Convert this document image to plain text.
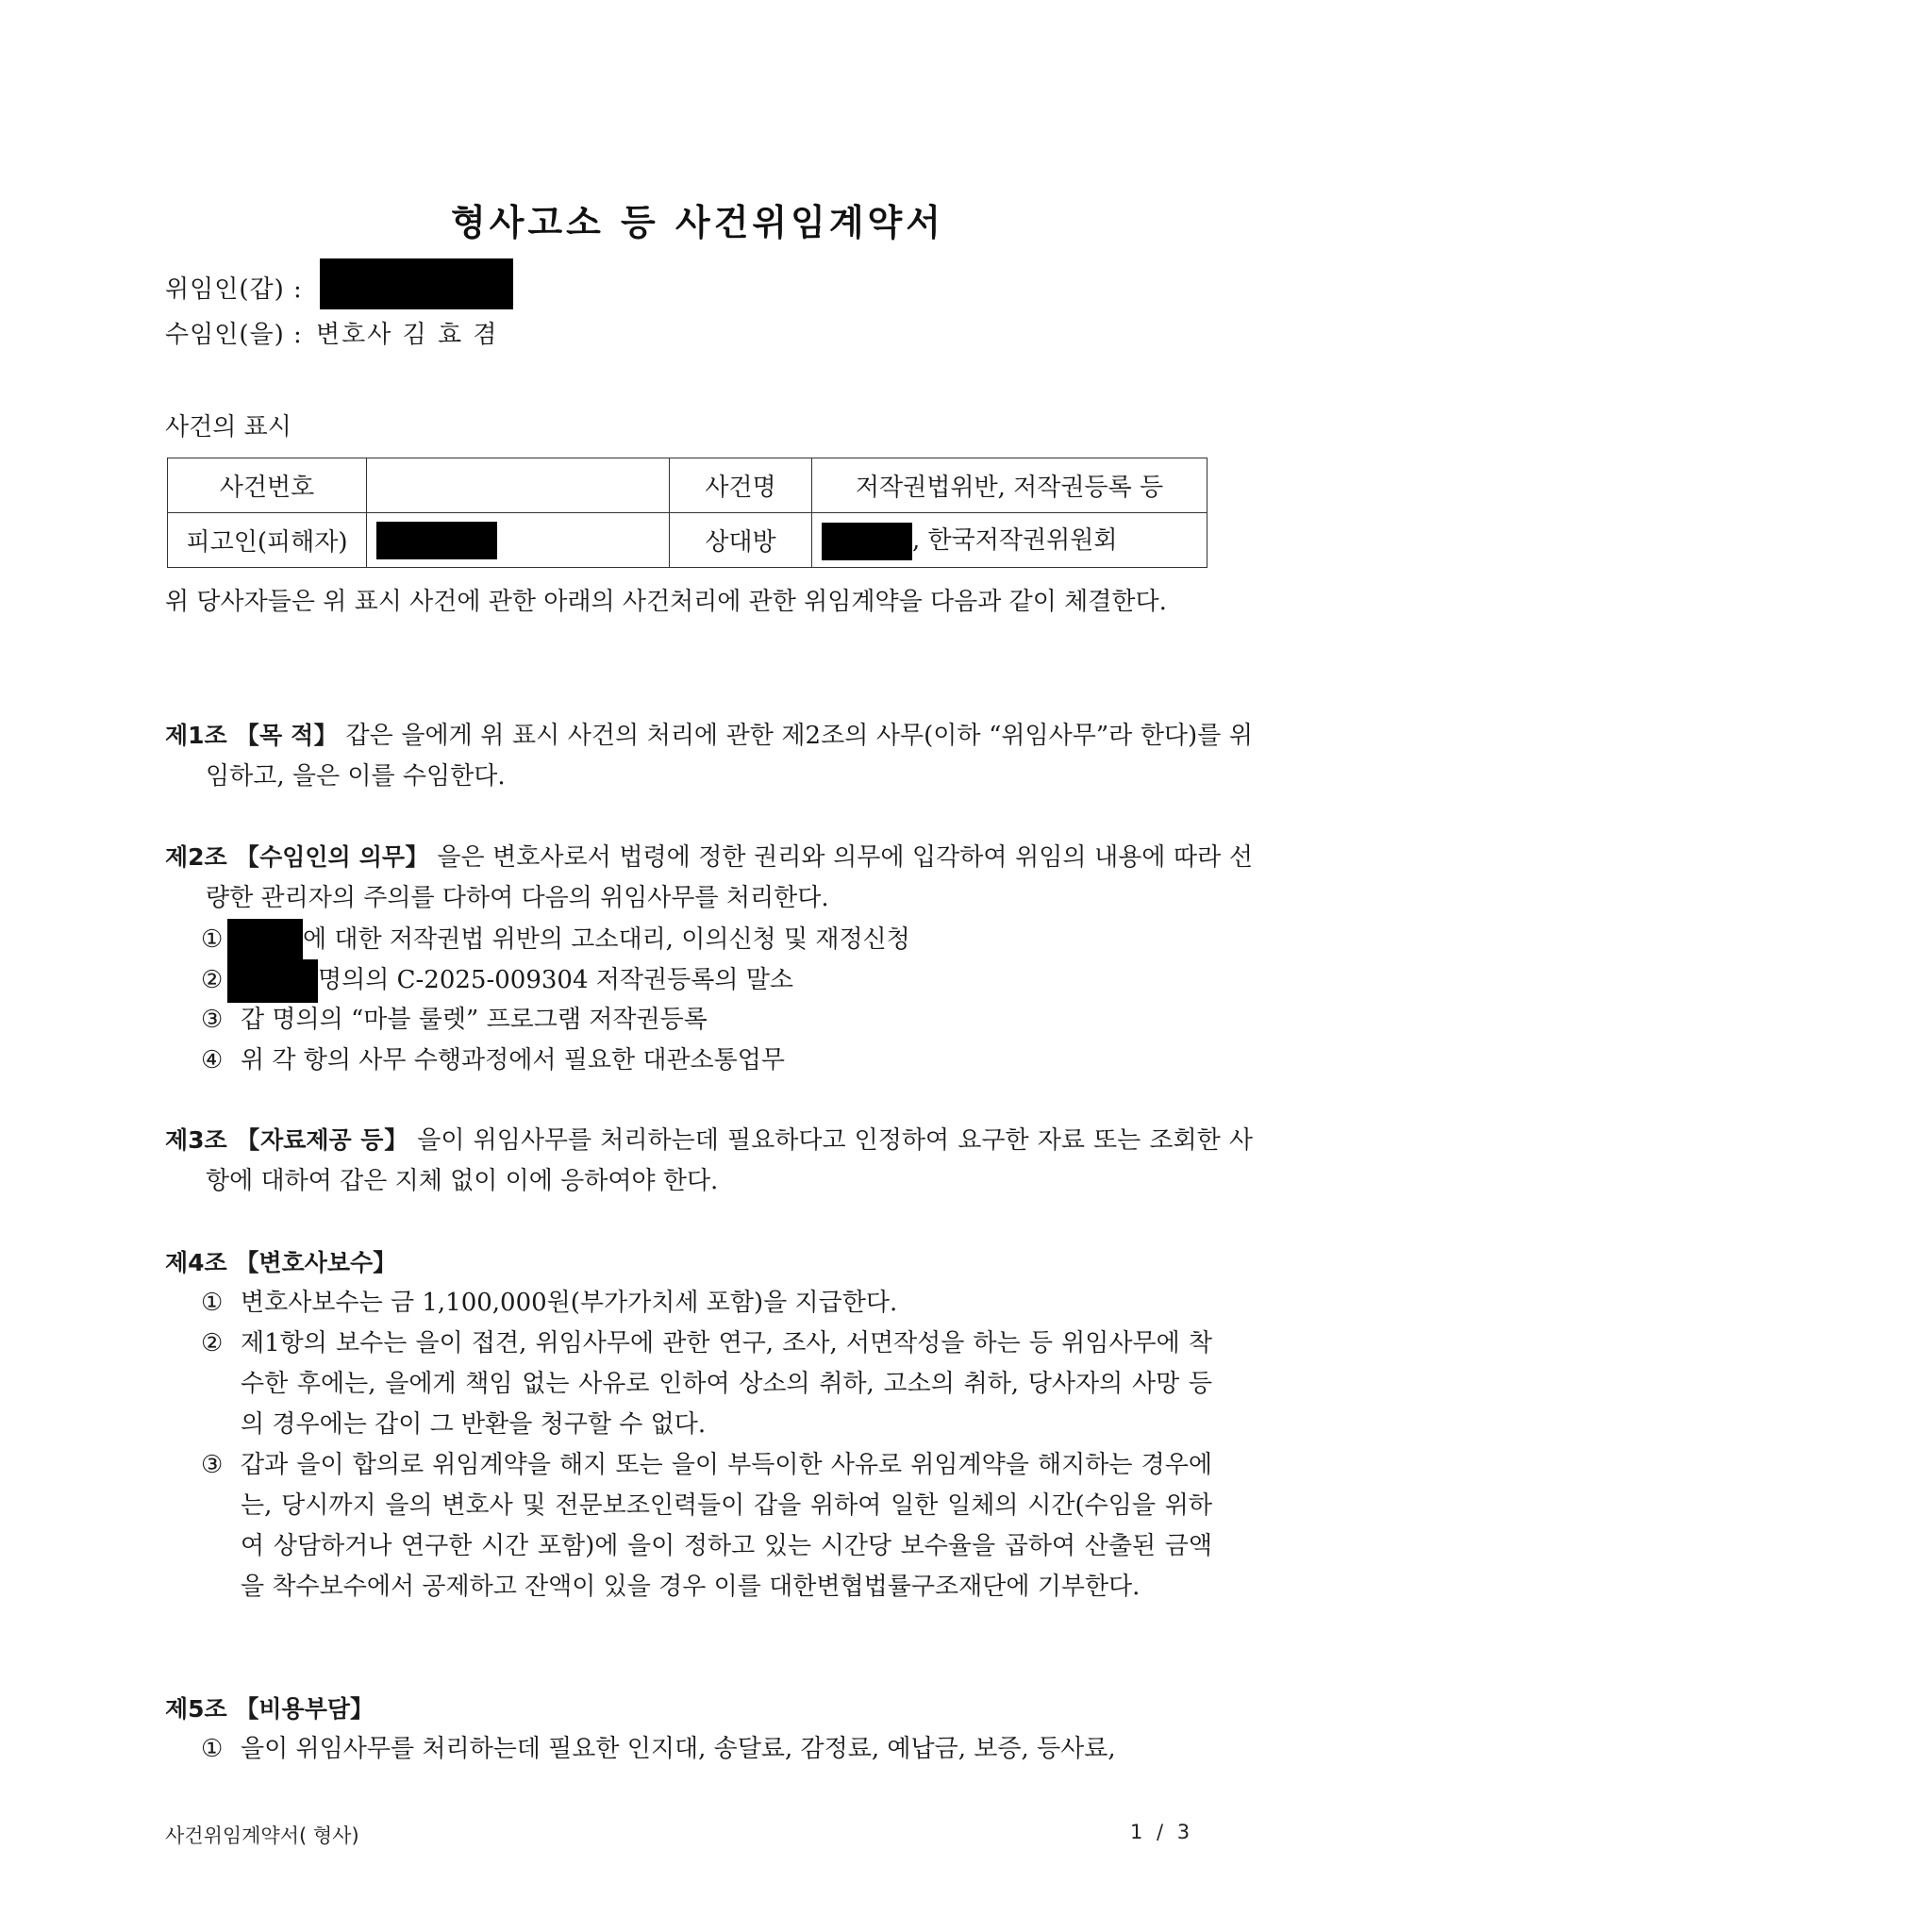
형사고소 등 사건위임계약서
위임인(갑) :
수임인(을) : 변호사 김 효 겸
사건의 표시
사건번호		사건명	저작권법위반, 저작권등록 등
피고인(피해자)		상대방	, 한국저작권위원회
위 당사자들은 위 표시 사건에 관한 아래의 사건처리에 관한 위임계약을 다음과 같이 체결한다.
제1조 【목 적】 갑은 을에게 위 표시 사건의 처리에 관한 제2조의 사무(이하 “위임사무”라 한다)를 위임하고, 을은 이를 수임한다.
제2조 【수임인의 의무】 을은 변호사로서 법령에 정한 권리와 의무에 입각하여 위임의 내용에 따라 선량한 관리자의 주의를 다하여 다음의 위임사무를 처리한다.
①	에 대한 저작권법 위반의 고소대리, 이의신청 및 재정신청
②	명의의 C-2025-009304 저작권등록의 말소
③ 갑 명의의 “마블 룰렛” 프로그램 저작권등록
④ 위 각 항의 사무 수행과정에서 필요한 대관소통업무
제3조 【자료제공 등】 을이 위임사무를 처리하는데 필요하다고 인정하여 요구한 자료 또는 조회한 사항에 대하여 갑은 지체 없이 이에 응하여야 한다.
제4조 【변호사보수】
① 변호사보수는 금 1,100,000원(부가가치세 포함)을 지급한다.
② 제1항의 보수는 을이 접견, 위임사무에 관한 연구, 조사, 서면작성을 하는 등 위임사무에 착수한 후에는, 을에게 책임 없는 사유로 인하여 상소의 취하, 고소의 취하, 당사자의 사망 등의 경우에는 갑이 그 반환을 청구할 수 없다.
③ 갑과 을이 합의로 위임계약을 해지 또는 을이 부득이한 사유로 위임계약을 해지하는 경우에는, 당시까지 을의 변호사 및 전문보조인력들이 갑을 위하여 일한 일체의 시간(수임을 위하여 상담하거나 연구한 시간 포함)에 을이 정하고 있는 시간당 보수율을 곱하여 산출된 금액을 착수보수에서 공제하고 잔액이 있을 경우 이를 대한변협법률구조재단에 기부한다.
제5조 【비용부담】
① 을이 위임사무를 처리하는데 필요한 인지대, 송달료, 감정료, 예납금, 보증, 등사료,
사건위임계약서( 형사)	1 / 3
